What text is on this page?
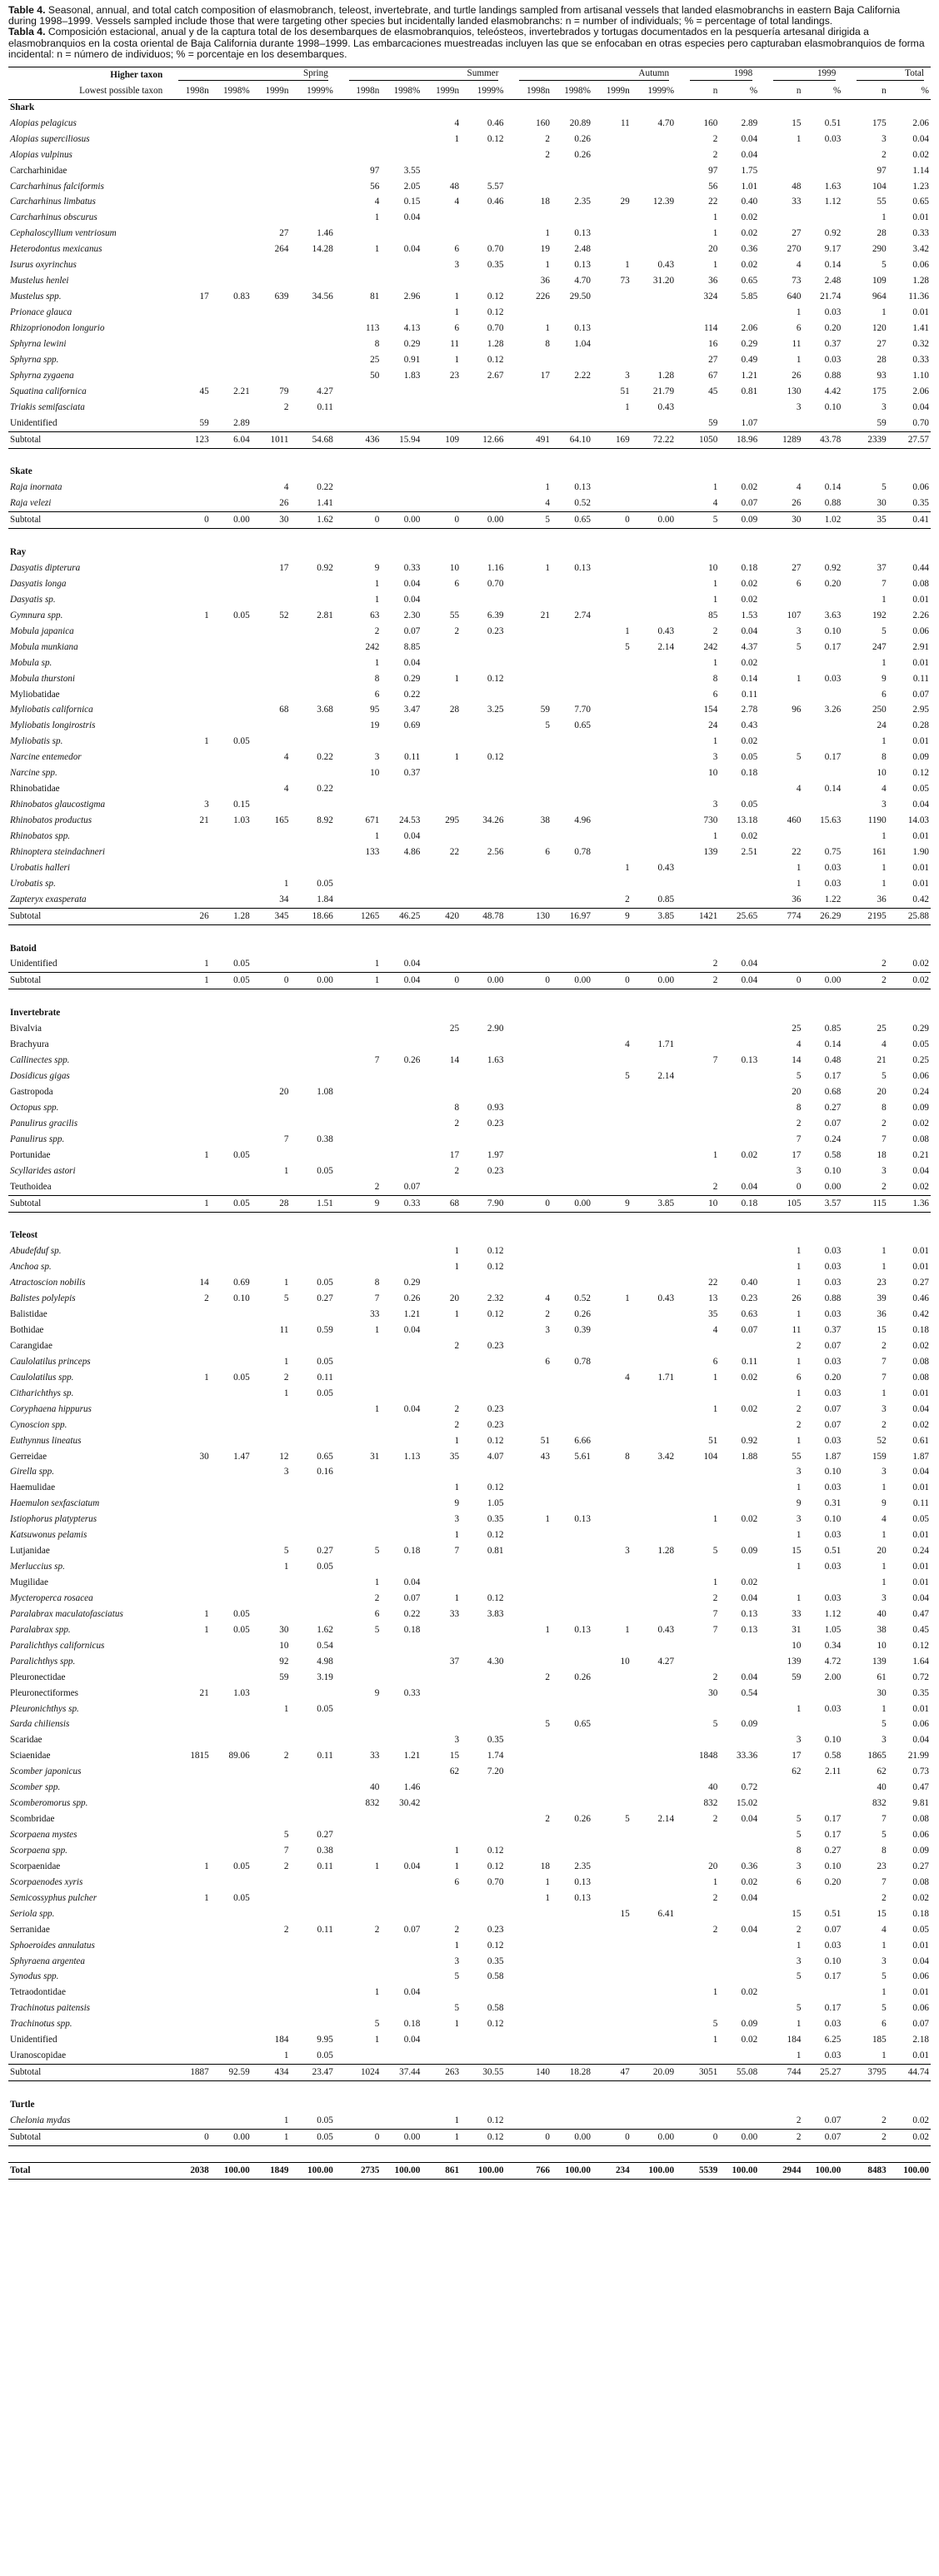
Table 4. Seasonal, annual, and total catch composition of elasmobranch, teleost, invertebrate, and turtle landings sampled from artisanal vessels that landed elasmobranchs in eastern Baja California during 1998–1999. Vessels sampled include those that were targeting other species but incidentally landed elasmobranchs: n = number of individuals; % = percentage of total landings.

Tabla 4. Composición estacional, anual y de la captura total de los desembarques de elasmobranquios, teleósteos, invertebrados y tortugas documentados en la pesquería artesanal dirigida a elasmobranquios en la costa oriental de Baja California durante 1998–1999. Las embarcaciones muestreadas incluyen las que se enfocaban en otras especies pero capturaban elasmobranquios de forma incidental: n = número de individuos; % = porcentaje en los desembarques.

Higher taxon		Spring					Summer					Autumn					1998			1999			Total	

Lowest possible taxon		1998n	1998%	1999n	1999%		1998n	1998%	1999n	1999%		1998n	1998%	1999n	1999%		n	%		n	%		n	%
Shark																								
Alopias pelagicus									4	0.46		160	20.89	11	4.70		160	2.89		15	0.51		175	2.06
Alopias superciliosus									1	0.12		2	0.26				2	0.04		1	0.03		3	0.04
Alopias vulpinus												2	0.26				2	0.04					2	0.02
Carcharhinidae							97	3.55									97	1.75					97	1.14
Carcharhinus falciformis							56	2.05	48	5.57							56	1.01		48	1.63		104	1.23
Carcharhinus limbatus							4	0.15	4	0.46		18	2.35	29	12.39		22	0.40		33	1.12		55	0.65
Carcharhinus obscurus							1	0.04									1	0.02					1	0.01
Cephaloscyllium ventriosum				27	1.46							1	0.13				1	0.02		27	0.92		28	0.33
Heterodontus mexicanus				264	14.28		1	0.04	6	0.70		19	2.48				20	0.36		270	9.17		290	3.42
Isurus oxyrinchus									3	0.35		1	0.13	1	0.43		1	0.02		4	0.14		5	0.06
Mustelus henlei												36	4.70	73	31.20		36	0.65		73	2.48		109	1.28
Mustelus spp.		17	0.83	639	34.56		81	2.96	1	0.12		226	29.50				324	5.85		640	21.74		964	11.36
Prionace glauca									1	0.12										1	0.03		1	0.01
Rhizoprionodon longurio							113	4.13	6	0.70		1	0.13				114	2.06		6	0.20		120	1.41
Sphyrna lewini							8	0.29	11	1.28		8	1.04				16	0.29		11	0.37		27	0.32
Sphyrna spp.							25	0.91	1	0.12							27	0.49		1	0.03		28	0.33
Sphyrna zygaena							50	1.83	23	2.67		17	2.22	3	1.28		67	1.21		26	0.88		93	1.10
Squatina californica		45	2.21	79	4.27									51	21.79		45	0.81		130	4.42		175	2.06
Triakis semifasciata				2	0.11									1	0.43					3	0.10		3	0.04
Unidentified		59	2.89														59	1.07					59	0.70
Subtotal		123	6.04	1011	54.68		436	15.94	109	12.66		491	64.10	169	72.22		1050	18.96		1289	43.78		2339	27.57

Skate																								
Raja inornata				4	0.22							1	0.13				1	0.02		4	0.14		5	0.06
Raja velezi				26	1.41							4	0.52				4	0.07		26	0.88		30	0.35
Subtotal		0	0.00	30	1.62		0	0.00	0	0.00		5	0.65	0	0.00		5	0.09		30	1.02		35	0.41

Ray																								
Dasyatis dipterura				17	0.92		9	0.33	10	1.16		1	0.13				10	0.18		27	0.92		37	0.44
Dasyatis longa							1	0.04	6	0.70							1	0.02		6	0.20		7	0.08
Dasyatis sp.							1	0.04									1	0.02					1	0.01
Gymnura spp.		1	0.05	52	2.81		63	2.30	55	6.39		21	2.74				85	1.53		107	3.63		192	2.26
Mobula japanica							2	0.07	2	0.23				1	0.43		2	0.04		3	0.10		5	0.06
Mobula munkiana							242	8.85						5	2.14		242	4.37		5	0.17		247	2.91
Mobula sp.							1	0.04									1	0.02					1	0.01
Mobula thurstoni							8	0.29	1	0.12							8	0.14		1	0.03		9	0.11
Myliobatidae							6	0.22									6	0.11					6	0.07
Myliobatis californica				68	3.68		95	3.47	28	3.25		59	7.70				154	2.78		96	3.26		250	2.95
Myliobatis longirostris							19	0.69				5	0.65				24	0.43					24	0.28
Myliobatis sp.		1	0.05														1	0.02					1	0.01
Narcine entemedor				4	0.22		3	0.11	1	0.12							3	0.05		5	0.17		8	0.09
Narcine spp.							10	0.37									10	0.18					10	0.12
Rhinobatidae				4	0.22															4	0.14		4	0.05
Rhinobatos glaucostigma		3	0.15														3	0.05					3	0.04
Rhinobatos productus		21	1.03	165	8.92		671	24.53	295	34.26		38	4.96				730	13.18		460	15.63		1190	14.03
Rhinobatos spp.							1	0.04									1	0.02					1	0.01
Rhinoptera steindachneri							133	4.86	22	2.56		6	0.78				139	2.51		22	0.75		161	1.90
Urobatis halleri														1	0.43					1	0.03		1	0.01
Urobatis sp.				1	0.05															1	0.03		1	0.01
Zapteryx exasperata				34	1.84									2	0.85					36	1.22		36	0.42
Subtotal		26	1.28	345	18.66		1265	46.25	420	48.78		130	16.97	9	3.85		1421	25.65		774	26.29		2195	25.88

Batoid																								
Unidentified		1	0.05				1	0.04									2	0.04					2	0.02
Subtotal		1	0.05	0	0.00		1	0.04	0	0.00		0	0.00	0	0.00		2	0.04		0	0.00		2	0.02

Invertebrate																								
Bivalvia									25	2.90										25	0.85		25	0.29
Brachyura														4	1.71					4	0.14		4	0.05
Callinectes spp.							7	0.26	14	1.63							7	0.13		14	0.48		21	0.25
Dosidicus gigas														5	2.14					5	0.17		5	0.06
Gastropoda				20	1.08															20	0.68		20	0.24
Octopus spp.									8	0.93										8	0.27		8	0.09
Panulirus gracilis									2	0.23										2	0.07		2	0.02
Panulirus spp.				7	0.38															7	0.24		7	0.08
Portunidae		1	0.05						17	1.97							1	0.02		17	0.58		18	0.21
Scyllarides astori				1	0.05				2	0.23										3	0.10		3	0.04
Teuthoidea							2	0.07									2	0.04		0	0.00		2	0.02
Subtotal		1	0.05	28	1.51		9	0.33	68	7.90		0	0.00	9	3.85		10	0.18		105	3.57		115	1.36

Teleost																								
Abudefduf sp.									1	0.12										1	0.03		1	0.01
Anchoa sp.									1	0.12										1	0.03		1	0.01
Atractoscion nobilis		14	0.69	1	0.05		8	0.29									22	0.40		1	0.03		23	0.27
Balistes polylepis		2	0.10	5	0.27		7	0.26	20	2.32		4	0.52	1	0.43		13	0.23		26	0.88		39	0.46
Balistidae							33	1.21	1	0.12		2	0.26				35	0.63		1	0.03		36	0.42
Bothidae				11	0.59		1	0.04				3	0.39				4	0.07		11	0.37		15	0.18
Carangidae									2	0.23										2	0.07		2	0.02
Caulolatilus princeps				1	0.05							6	0.78				6	0.11		1	0.03		7	0.08
Caulolatilus spp.		1	0.05	2	0.11									4	1.71		1	0.02		6	0.20		7	0.08
Citharichthys sp.				1	0.05															1	0.03		1	0.01
Coryphaena hippurus							1	0.04	2	0.23							1	0.02		2	0.07		3	0.04
Cynoscion spp.									2	0.23										2	0.07		2	0.02
Euthynnus lineatus									1	0.12		51	6.66				51	0.92		1	0.03		52	0.61
Gerreidae		30	1.47	12	0.65		31	1.13	35	4.07		43	5.61	8	3.42		104	1.88		55	1.87		159	1.87
Girella spp.				3	0.16															3	0.10		3	0.04
Haemulidae									1	0.12										1	0.03		1	0.01
Haemulon sexfasciatum									9	1.05										9	0.31		9	0.11
Istiophorus platypterus									3	0.35		1	0.13				1	0.02		3	0.10		4	0.05
Katsuwonus pelamis									1	0.12										1	0.03		1	0.01
Lutjanidae				5	0.27		5	0.18	7	0.81				3	1.28		5	0.09		15	0.51		20	0.24
Merluccius sp.				1	0.05															1	0.03		1	0.01
Mugilidae							1	0.04									1	0.02					1	0.01
Mycteroperca rosacea							2	0.07	1	0.12							2	0.04		1	0.03		3	0.04
Paralabrax maculatofasciatus		1	0.05				6	0.22	33	3.83							7	0.13		33	1.12		40	0.47
Paralabrax spp.		1	0.05	30	1.62		5	0.18				1	0.13	1	0.43		7	0.13		31	1.05		38	0.45
Paralichthys californicus				10	0.54															10	0.34		10	0.12
Paralichthys spp.				92	4.98				37	4.30				10	4.27					139	4.72		139	1.64
Pleuronectidae				59	3.19							2	0.26				2	0.04		59	2.00		61	0.72
Pleuronectiformes		21	1.03				9	0.33									30	0.54					30	0.35
Pleuronichthys sp.				1	0.05															1	0.03		1	0.01
Sarda chiliensis												5	0.65				5	0.09					5	0.06
Scaridae									3	0.35										3	0.10		3	0.04
Sciaenidae		1815	89.06	2	0.11		33	1.21	15	1.74							1848	33.36		17	0.58		1865	21.99
Scomber japonicus									62	7.20										62	2.11		62	0.73
Scomber spp.							40	1.46									40	0.72					40	0.47
Scomberomorus spp.							832	30.42									832	15.02					832	9.81
Scombridae												2	0.26	5	2.14		2	0.04		5	0.17		7	0.08
Scorpaena mystes				5	0.27															5	0.17		5	0.06
Scorpaena spp.				7	0.38				1	0.12										8	0.27		8	0.09
Scorpaenidae		1	0.05	2	0.11		1	0.04	1	0.12		18	2.35				20	0.36		3	0.10		23	0.27
Scorpaenodes xyris									6	0.70		1	0.13				1	0.02		6	0.20		7	0.08
Semicossyphus pulcher		1	0.05									1	0.13				2	0.04					2	0.02
Seriola spp.														15	6.41					15	0.51		15	0.18
Serranidae				2	0.11		2	0.07	2	0.23							2	0.04		2	0.07		4	0.05
Sphoeroides annulatus									1	0.12										1	0.03		1	0.01
Sphyraena argentea									3	0.35										3	0.10		3	0.04
Synodus spp.									5	0.58										5	0.17		5	0.06
Tetraodontidae							1	0.04									1	0.02					1	0.01
Trachinotus paitensis									5	0.58										5	0.17		5	0.06
Trachinotus spp.							5	0.18	1	0.12							5	0.09		1	0.03		6	0.07
Unidentified				184	9.95		1	0.04									1	0.02		184	6.25		185	2.18
Uranoscopidae				1	0.05															1	0.03		1	0.01
Subtotal		1887	92.59	434	23.47		1024	37.44	263	30.55		140	18.28	47	20.09		3051	55.08		744	25.27		3795	44.74

Turtle																								
Chelonia mydas				1	0.05				1	0.12										2	0.07		2	0.02
Subtotal		0	0.00	1	0.05		0	0.00	1	0.12		0	0.00	0	0.00		0	0.00		2	0.07		2	0.02

Total		2038	100.00	1849	100.00		2735	100.00	861	100.00		766	100.00	234	100.00		5539	100.00		2944	100.00		8483	100.00
